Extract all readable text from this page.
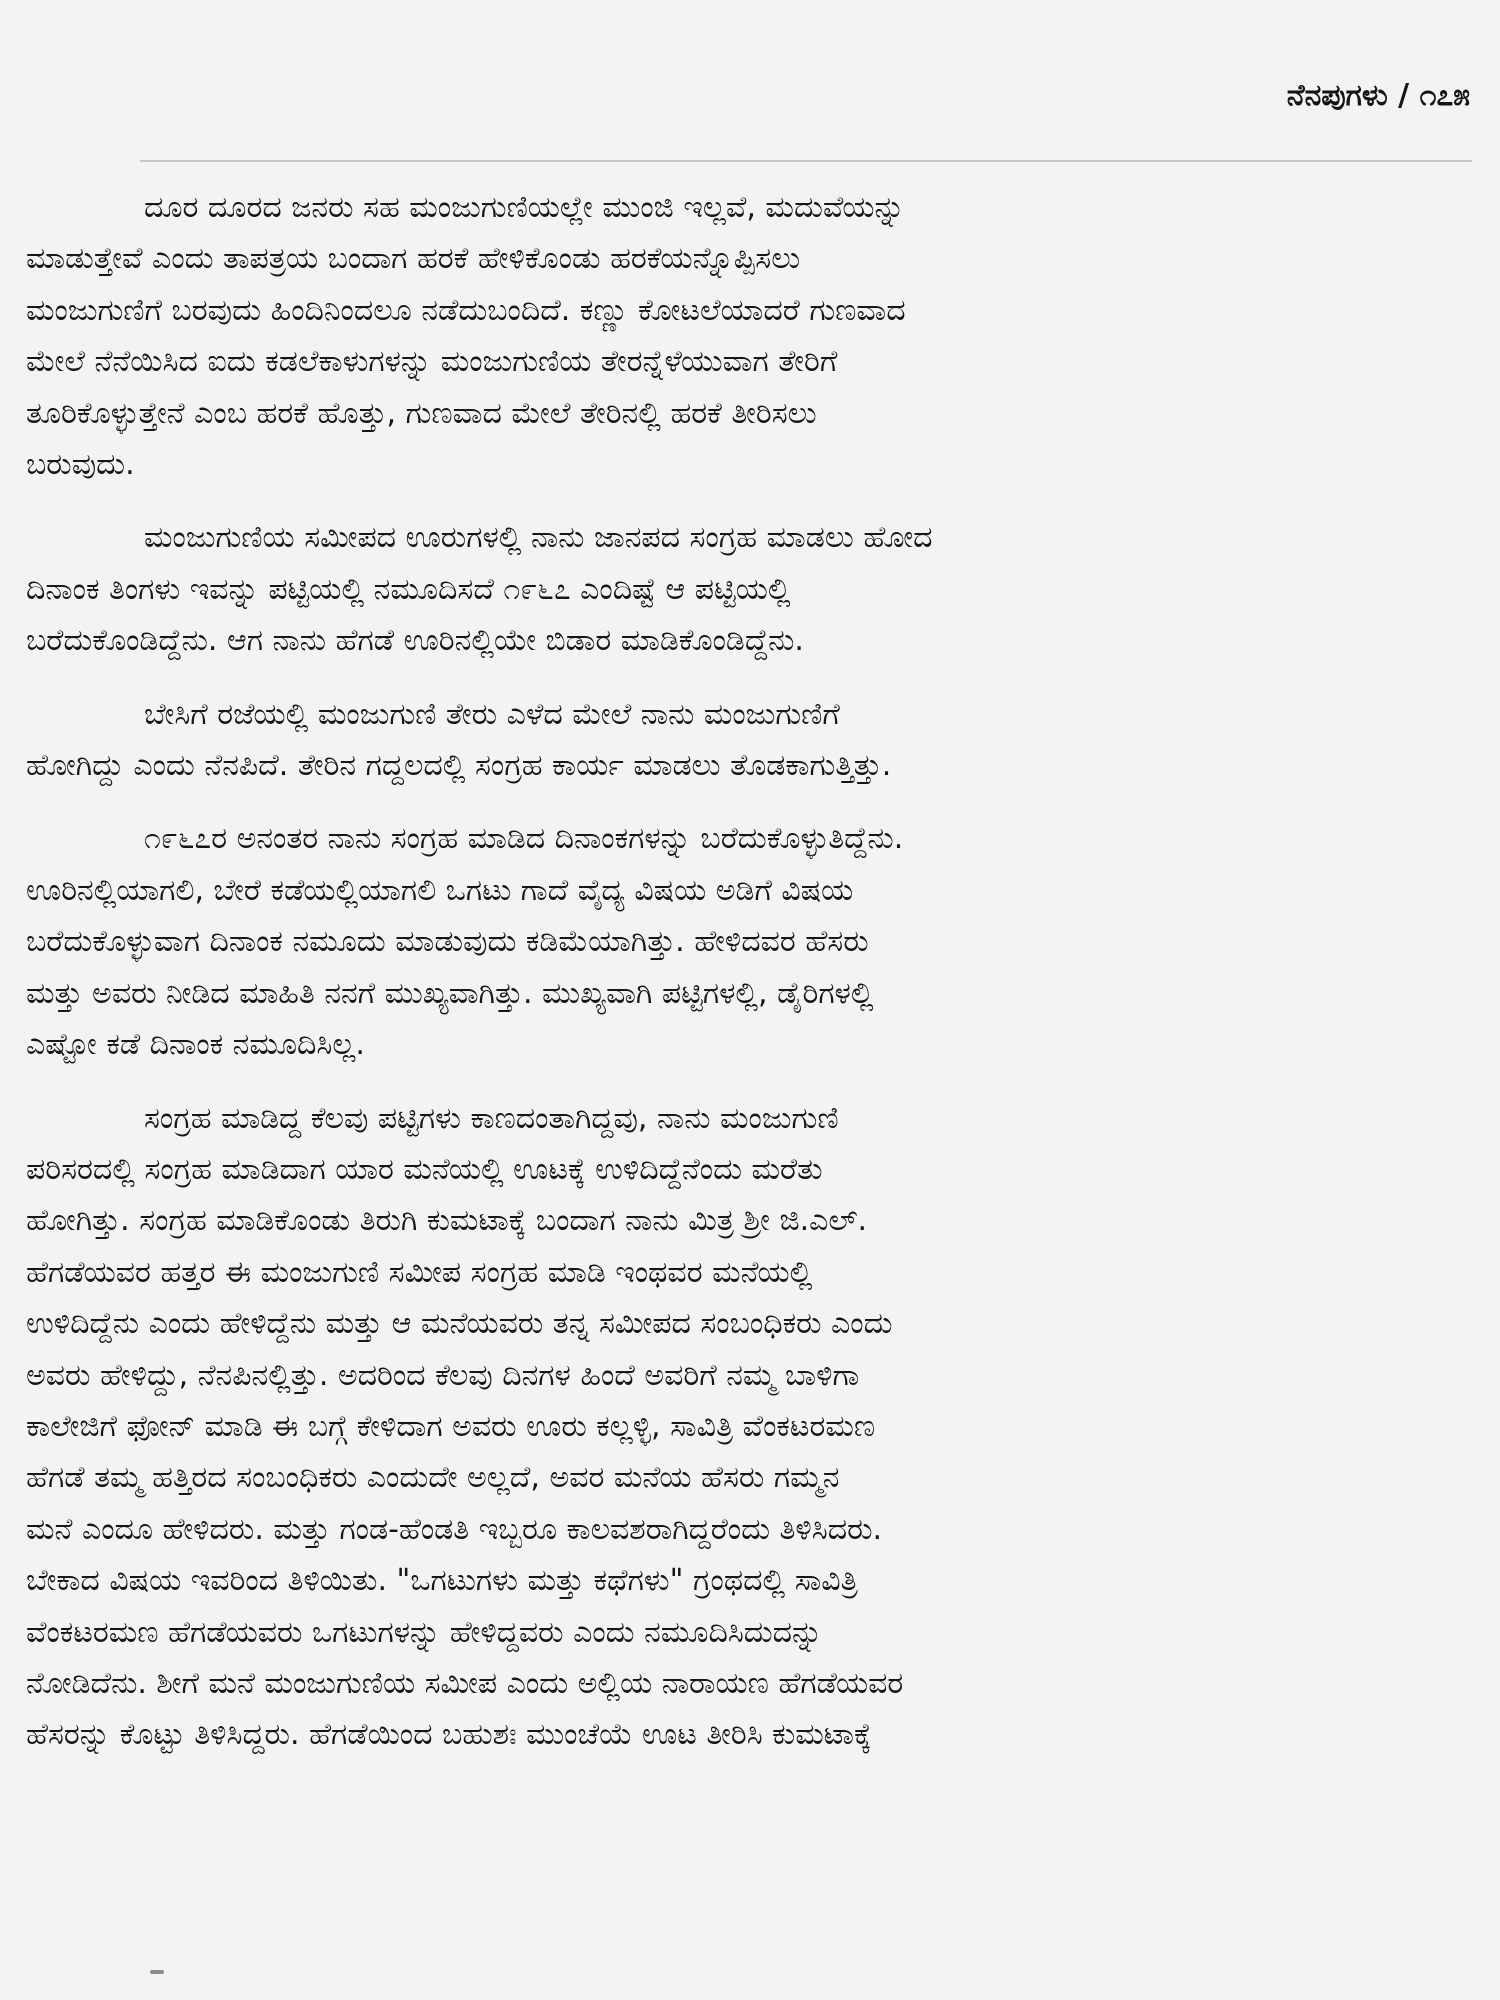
ನೆನಪುಗಳು / ೧೭೫

ದೂರ ದೂರದ ಜನರು ಸಹ ಮಂಜುಗುಣಿಯಲ್ಲೇ ಮುಂಜಿ ಇಲ್ಲವೆ, ಮದುವೆಯನ್ನು
ಮಾಡುತ್ತೇವೆ ಎಂದು ತಾಪತ್ರಯ ಬಂದಾಗ ಹರಕೆ ಹೇಳಿಕೊಂಡು ಹರಕೆಯನ್ನೊಪ್ಪಿಸಲು
ಮಂಜುಗುಣಿಗೆ ಬರವುದು ಹಿಂದಿನಿಂದಲೂ ನಡೆದುಬಂದಿದೆ. ಕಣ್ಣು ಕೋಟಲೆಯಾದರೆ ಗುಣವಾದ
ಮೇಲೆ ನೆನೆಯಿಸಿದ ಐದು ಕಡಲೆಕಾಳುಗಳನ್ನು ಮಂಜುಗುಣಿಯ ತೇರನ್ನೆಳೆಯುವಾಗ ತೇರಿಗೆ
ತೂರಿಕೊಳ್ಳುತ್ತೇನೆ ಎಂಬ ಹರಕೆ ಹೊತ್ತು, ಗುಣವಾದ ಮೇಲೆ ತೇರಿನಲ್ಲಿ ಹರಕೆ ತೀರಿಸಲು
ಬರುವುದು.

ಮಂಜುಗುಣಿಯ ಸಮೀಪದ ಊರುಗಳಲ್ಲಿ ನಾನು ಜಾನಪದ ಸಂಗ್ರಹ ಮಾಡಲು ಹೋದ
ದಿನಾಂಕ ತಿಂಗಳು ಇವನ್ನು ಪಟ್ಟಿಯಲ್ಲಿ ನಮೂದಿಸದೆ ೧೯೬೭ ಎಂದಿಷ್ಟೆ ಆ ಪಟ್ಟಿಯಲ್ಲಿ
ಬರೆದುಕೊಂಡಿದ್ದೆನು. ಆಗ ನಾನು ಹೆಗಡೆ ಊರಿನಲ್ಲಿಯೇ ಬಿಡಾರ ಮಾಡಿಕೊಂಡಿದ್ದೆನು.

ಬೇಸಿಗೆ ರಜೆಯಲ್ಲಿ ಮಂಜುಗುಣಿ ತೇರು ಎಳೆದ ಮೇಲೆ ನಾನು ಮಂಜುಗುಣಿಗೆ
ಹೋಗಿದ್ದು ಎಂದು ನೆನಪಿದೆ. ತೇರಿನ ಗದ್ದಲದಲ್ಲಿ ಸಂಗ್ರಹ ಕಾರ್ಯ ಮಾಡಲು ತೊಡಕಾಗುತ್ತಿತ್ತು.

೧೯೬೭ರ ಅನಂತರ ನಾನು ಸಂಗ್ರಹ ಮಾಡಿದ ದಿನಾಂಕಗಳನ್ನು ಬರೆದುಕೊಳ್ಳುತಿದ್ದೆನು.
ಊರಿನಲ್ಲಿಯಾಗಲಿ, ಬೇರೆ ಕಡೆಯಲ್ಲಿಯಾಗಲಿ ಒಗಟು ಗಾದೆ ವೈದ್ಯ ವಿಷಯ ಅಡಿಗೆ ವಿಷಯ
ಬರೆದುಕೊಳ್ಳುವಾಗ ದಿನಾಂಕ ನಮೂದು ಮಾಡುವುದು ಕಡಿಮೆಯಾಗಿತ್ತು. ಹೇಳಿದವರ ಹೆಸರು
ಮತ್ತು ಅವರು ನೀಡಿದ ಮಾಹಿತಿ ನನಗೆ ಮುಖ್ಯವಾಗಿತ್ತು. ಮುಖ್ಯವಾಗಿ ಪಟ್ಟಿಗಳಲ್ಲಿ, ಡೈರಿಗಳಲ್ಲಿ
ಎಷ್ಟೋ ಕಡೆ ದಿನಾಂಕ ನಮೂದಿಸಿಲ್ಲ.

ಸಂಗ್ರಹ ಮಾಡಿದ್ದ ಕೆಲವು ಪಟ್ಟಿಗಳು ಕಾಣದಂತಾಗಿದ್ದವು, ನಾನು ಮಂಜುಗುಣಿ
ಪರಿಸರದಲ್ಲಿ ಸಂಗ್ರಹ ಮಾಡಿದಾಗ ಯಾರ ಮನೆಯಲ್ಲಿ ಊಟಕ್ಕೆ ಉಳಿದಿದ್ದೆನೆಂದು ಮರೆತು
ಹೋಗಿತ್ತು. ಸಂಗ್ರಹ ಮಾಡಿಕೊಂಡು ತಿರುಗಿ ಕುಮಟಾಕ್ಕೆ ಬಂದಾಗ ನಾನು ಮಿತ್ರ ಶ್ರೀ ಜಿ.ಎಲ್.
ಹೆಗಡೆಯವರ ಹತ್ತರ ಈ ಮಂಜುಗುಣಿ ಸಮೀಪ ಸಂಗ್ರಹ ಮಾಡಿ ಇಂಥವರ ಮನೆಯಲ್ಲಿ
ಉಳಿದಿದ್ದೆನು ಎಂದು ಹೇಳಿದ್ದೆನು ಮತ್ತು ಆ ಮನೆಯವರು ತನ್ನ ಸಮೀಪದ ಸಂಬಂಧಿಕರು ಎಂದು
ಅವರು ಹೇಳಿದ್ದು, ನೆನಪಿನಲ್ಲಿತ್ತು. ಅದರಿಂದ ಕೆಲವು ದಿನಗಳ ಹಿಂದೆ ಅವರಿಗೆ ನಮ್ಮ ಬಾಳಿಗಾ
ಕಾಲೇಜಿಗೆ ಫೋನ್ ಮಾಡಿ ಈ ಬಗ್ಗೆ ಕೇಳಿದಾಗ ಅವರು ಊರು ಕಲ್ಲಳ್ಳಿ, ಸಾವಿತ್ರಿ ವೆಂಕಟರಮಣ
ಹೆಗಡೆ ತಮ್ಮ ಹತ್ತಿರದ ಸಂಬಂಧಿಕರು ಎಂದುದೇ ಅಲ್ಲದೆ, ಅವರ ಮನೆಯ ಹೆಸರು ಗಮ್ಮನ
ಮನೆ ಎಂದೂ ಹೇಳಿದರು. ಮತ್ತು ಗಂಡ-ಹೆಂಡತಿ ಇಬ್ಬರೂ ಕಾಲವಶರಾಗಿದ್ದರೆಂದು ತಿಳಿಸಿದರು.
ಬೇಕಾದ ವಿಷಯ ಇವರಿಂದ ತಿಳಿಯಿತು. "ಒಗಟುಗಳು ಮತ್ತು ಕಥೆಗಳು" ಗ್ರಂಥದಲ್ಲಿ ಸಾವಿತ್ರಿ
ವೆಂಕಟರಮಣ ಹೆಗಡೆಯವರು ಒಗಟುಗಳನ್ನು ಹೇಳಿದ್ದವರು ಎಂದು ನಮೂದಿಸಿದುದನ್ನು
ನೋಡಿದೆನು. ಶೀಗೆ ಮನೆ ಮಂಜುಗುಣಿಯ ಸಮೀಪ ಎಂದು ಅಲ್ಲಿಯ ನಾರಾಯಣ ಹೆಗಡೆಯವರ
ಹೆಸರನ್ನು ಕೊಟ್ಟು ತಿಳಿಸಿದ್ದರು. ಹೆಗಡೆಯಿಂದ ಬಹುಶಃ ಮುಂಚೆಯೆ ಊಟ ತೀರಿಸಿ ಕುಮಟಾಕ್ಕೆ
